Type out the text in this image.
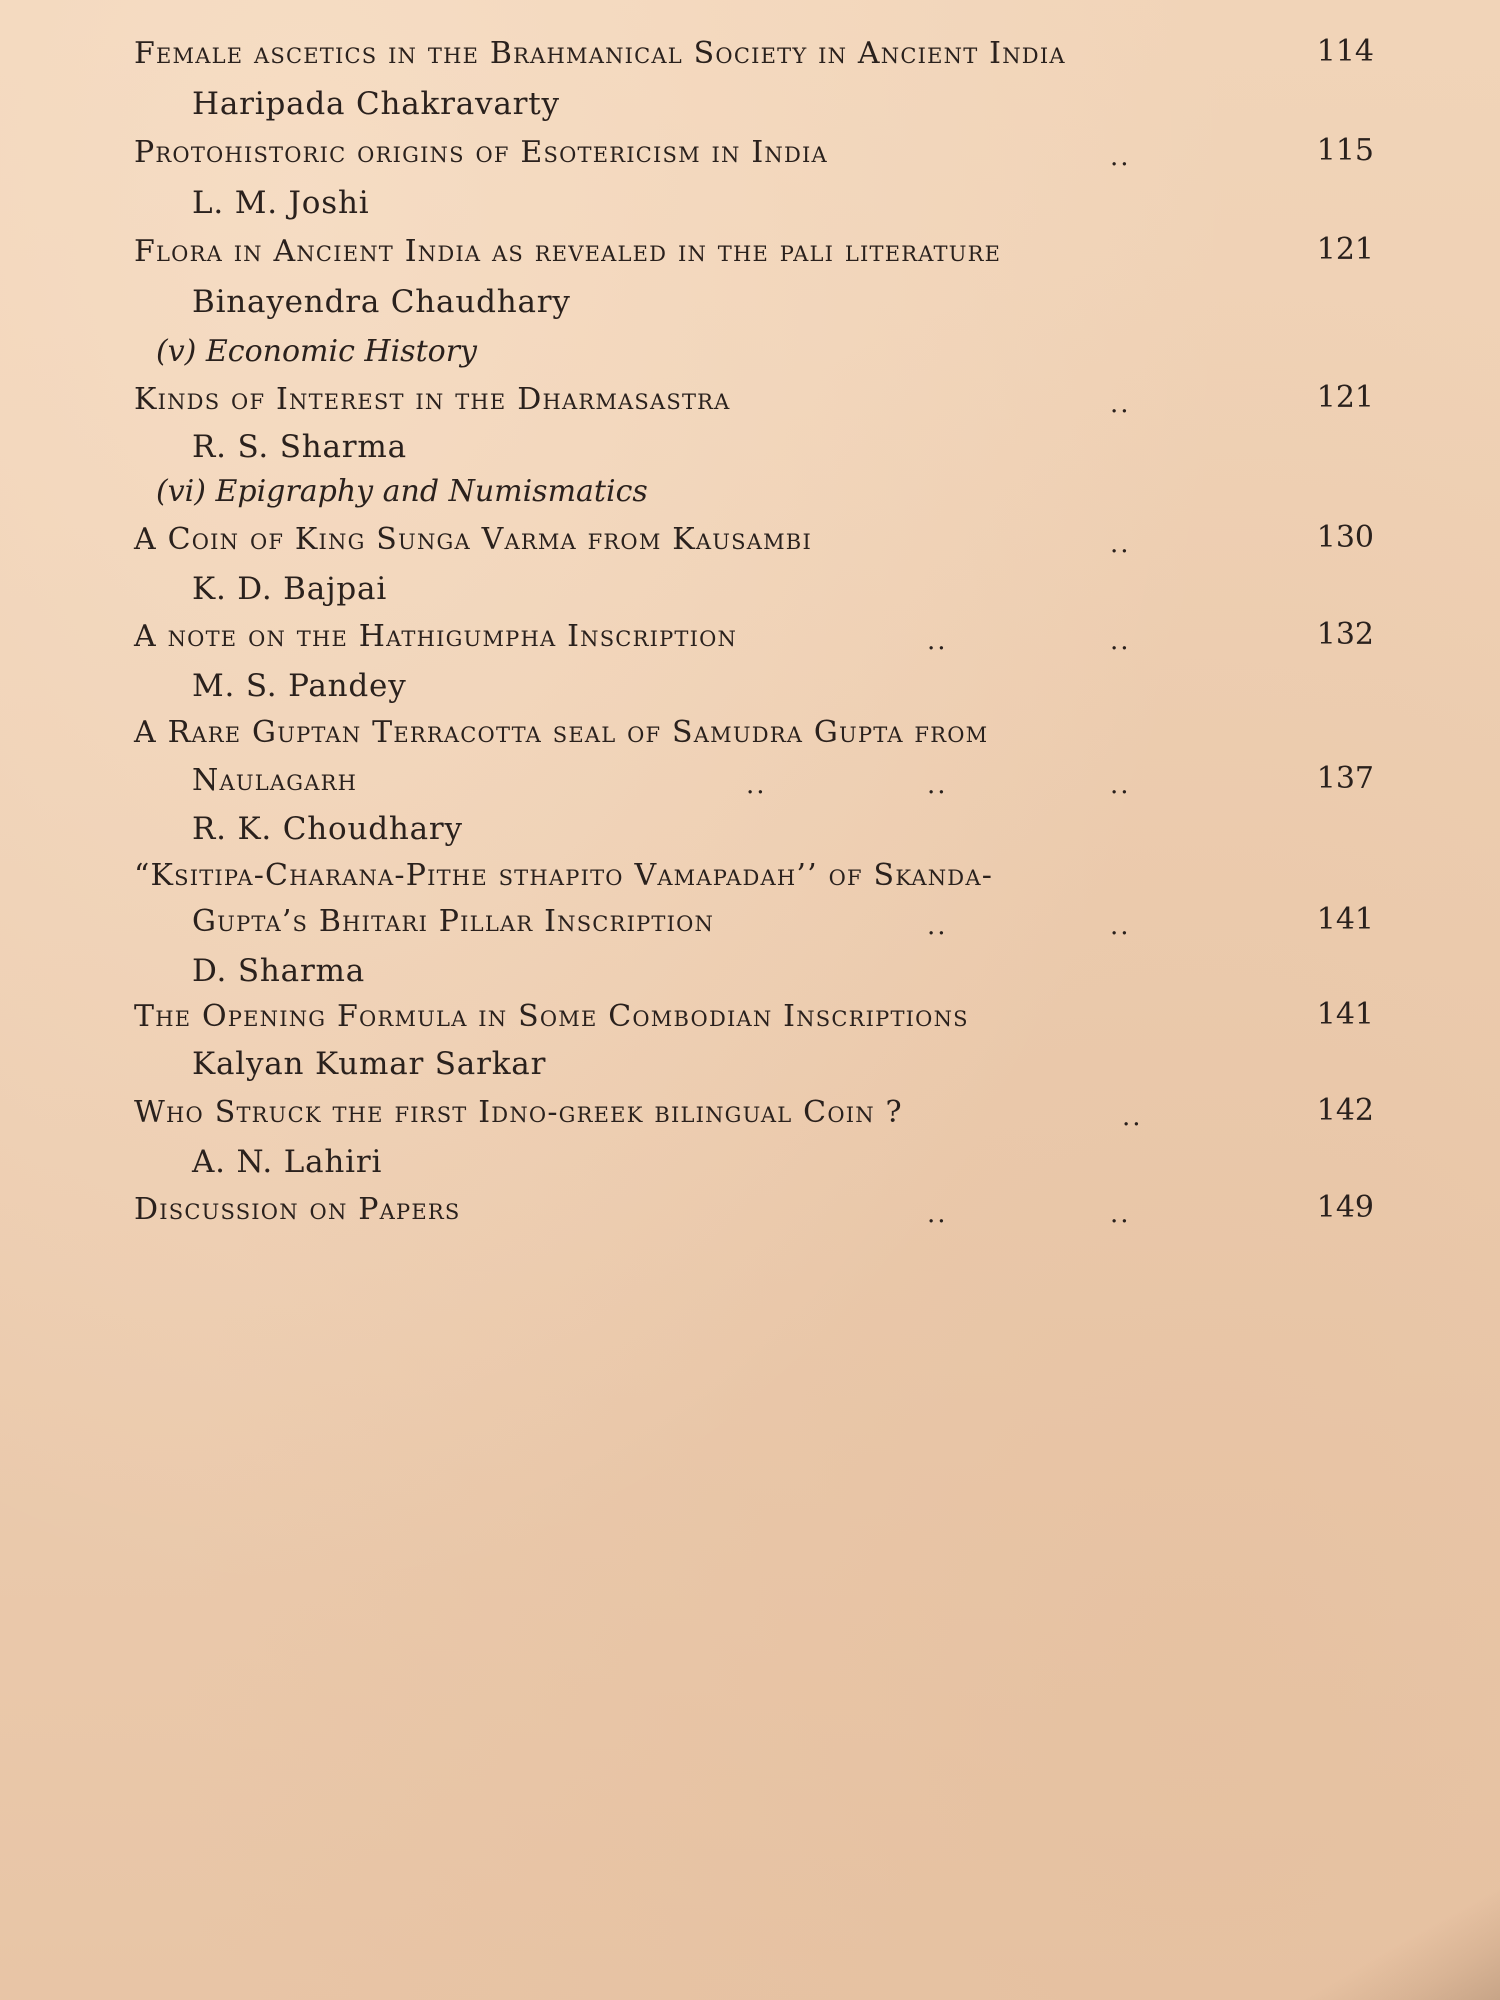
Female ascetics in the Brahmanical Society in Ancient India	114
Haripada Chakravarty
Protohistoric origins of Esotericism in India	..	115
L. M. Joshi
Flora in Ancient India as revealed in the pali literature	121
Binayendra Chaudhary
(v) Economic History
Kinds of Interest in the Dharmasastra	..	121
R. S. Sharma
(vi) Epigraphy and Numismatics
A Coin of King Sunga Varma from Kausambi	..	130
K. D. Bajpai
A note on the Hathigumpha Inscription	..	..	132
M. S. Pandey
A Rare Guptan Terracotta seal of Samudra Gupta from
Naulagarh	..	..	..	137
R. K. Choudhary
“Ksitipa-Charana-Pithe sthapito Vamapadah’’ of Skanda-
Gupta’s Bhitari Pillar Inscription	..	..	141
D. Sharma
The Opening Formula in Some Combodian Inscriptions	141
Kalyan Kumar Sarkar
Who Struck the first Idno-greek bilingual Coin ?	..	142
A. N. Lahiri
Discussion on Papers	..	..	149
